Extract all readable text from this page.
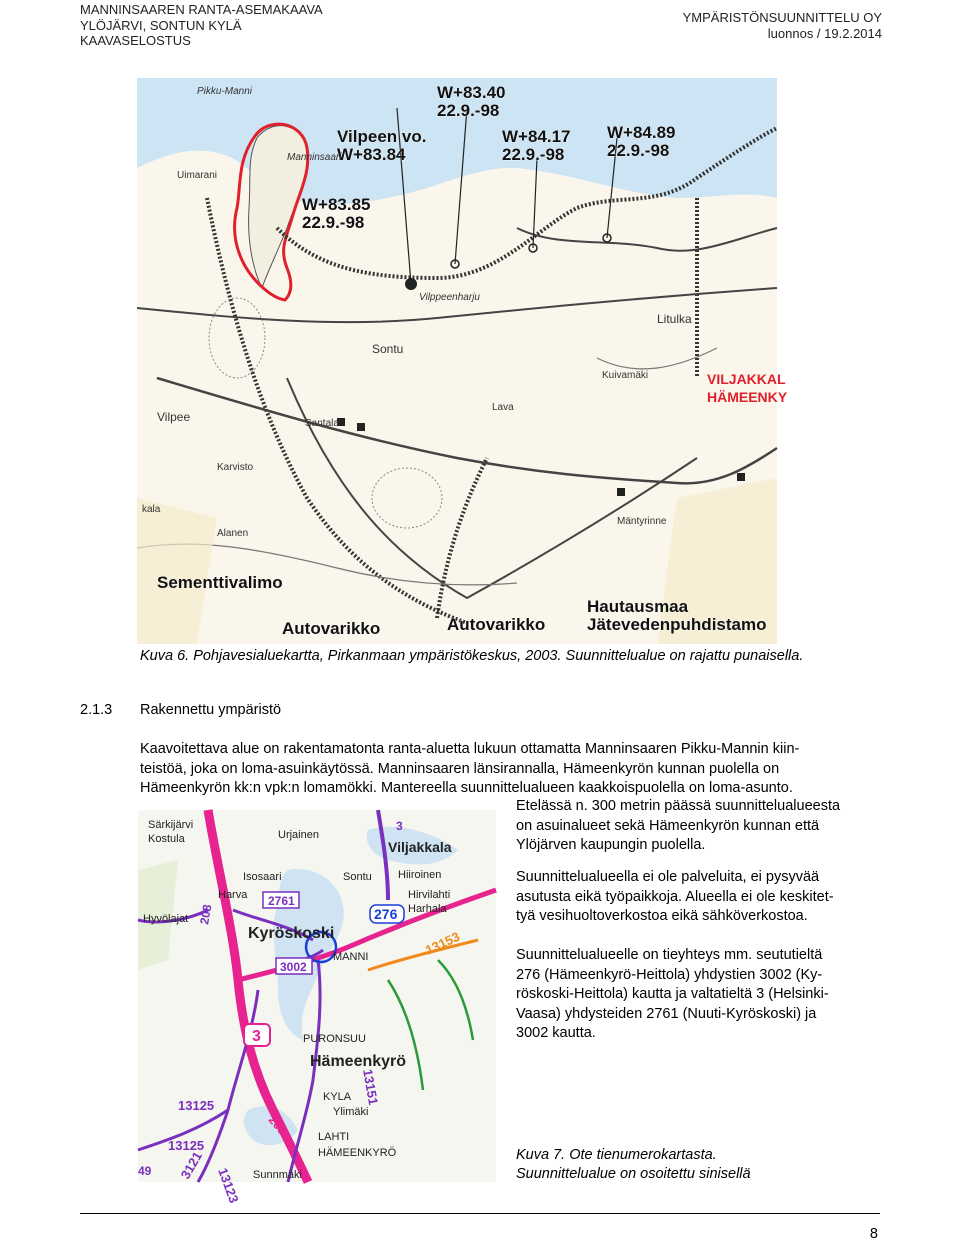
MANNINSAAREN RANTA-ASEMAKAAVA
YLÖJÄRVI, SONTUN KYLÄ
KAAVASELOSTUS
YMPÄRISTÖNSUUNNITTELU OY
luonnos / 19.2.2014
W+83.40
22.9.-98
Vilpeen vo.
W+83.84
W+84.17
22.9.-98
W+84.89
22.9.-98
W+83.85
22.9.-98
Pikku-Manni
Manninsaari
Uimarani
Vilppeenharju
Sontu
Litulka
Kuivamäki
Vilpee
Karvisto
Santala
Lava
Mäntyrinne
Alanen
kala
VILJAKKAL
HÄMEENKY
Sementtivalimo
Autovarikko	Autovarikko
Hautausmaa
Jätevedenpuhdistamo
Kuva 6. Pohjavesialuekartta, Pirkanmaan ympäristökeskus, 2003. Suunnittelualue on rajattu punaisella.
2.1.3 Rakennettu ympäristö
Kaavoitettava alue on rakentamatonta ranta-aluetta lukuun ottamatta Manninsaaren Pikku-Mannin kiin-
teistöä, joka on loma-asuinkäytössä. Manninsaaren länsirannalla, Hämeenkyrön kunnan puolella on
Hämeenkyrön kk:n vpk:n lomamökki. Mantereella suunnittelualueen kaakkoispuolella on loma-asunto.
Etelässä n. 300 metrin päässä suunnittelualueesta
on asuinalueet sekä Hämeenkyrön kunnan että
Ylöjärven kaupungin puolella.
Suunnittelualueella ei ole palveluita, ei pysyvää
asutusta eikä työpaikkoja. Alueella ei ole keskitet-
tyä vesihuoltoverkostoa eikä sähköverkostoa.
Suunnittelualueelle on tieyhteys mm. seututieltä
276 (Hämeenkyrö-Heittola) yhdystien 3002 (Ky-
röskoski-Heittola) kautta ja valtatieltä 3 (Helsinki-
Vaasa) yhdysteiden 2761 (Nuuti-Kyröskoski) ja
3002 kautta.
Särkijärvi
Kostula	Urjainen
Viljakkala
Isosaari	Sontu Hiiroinen
Harva	Hirvilahti
Harhala
Kyröskoski
Hyvölajat
PURONSUU
Hämeenkyrö
KYLA
LAHTI
HÄMEENKYRÖ
Sunnmäki
MANNI
Ylimäki
2761
276
3002
3
13153
13125
13125
13123
3121
13151
206
208
49
3
Kuva 7. Ote tienumerokartasta.
Suunnittelualue on osoitettu sinisellä
8
